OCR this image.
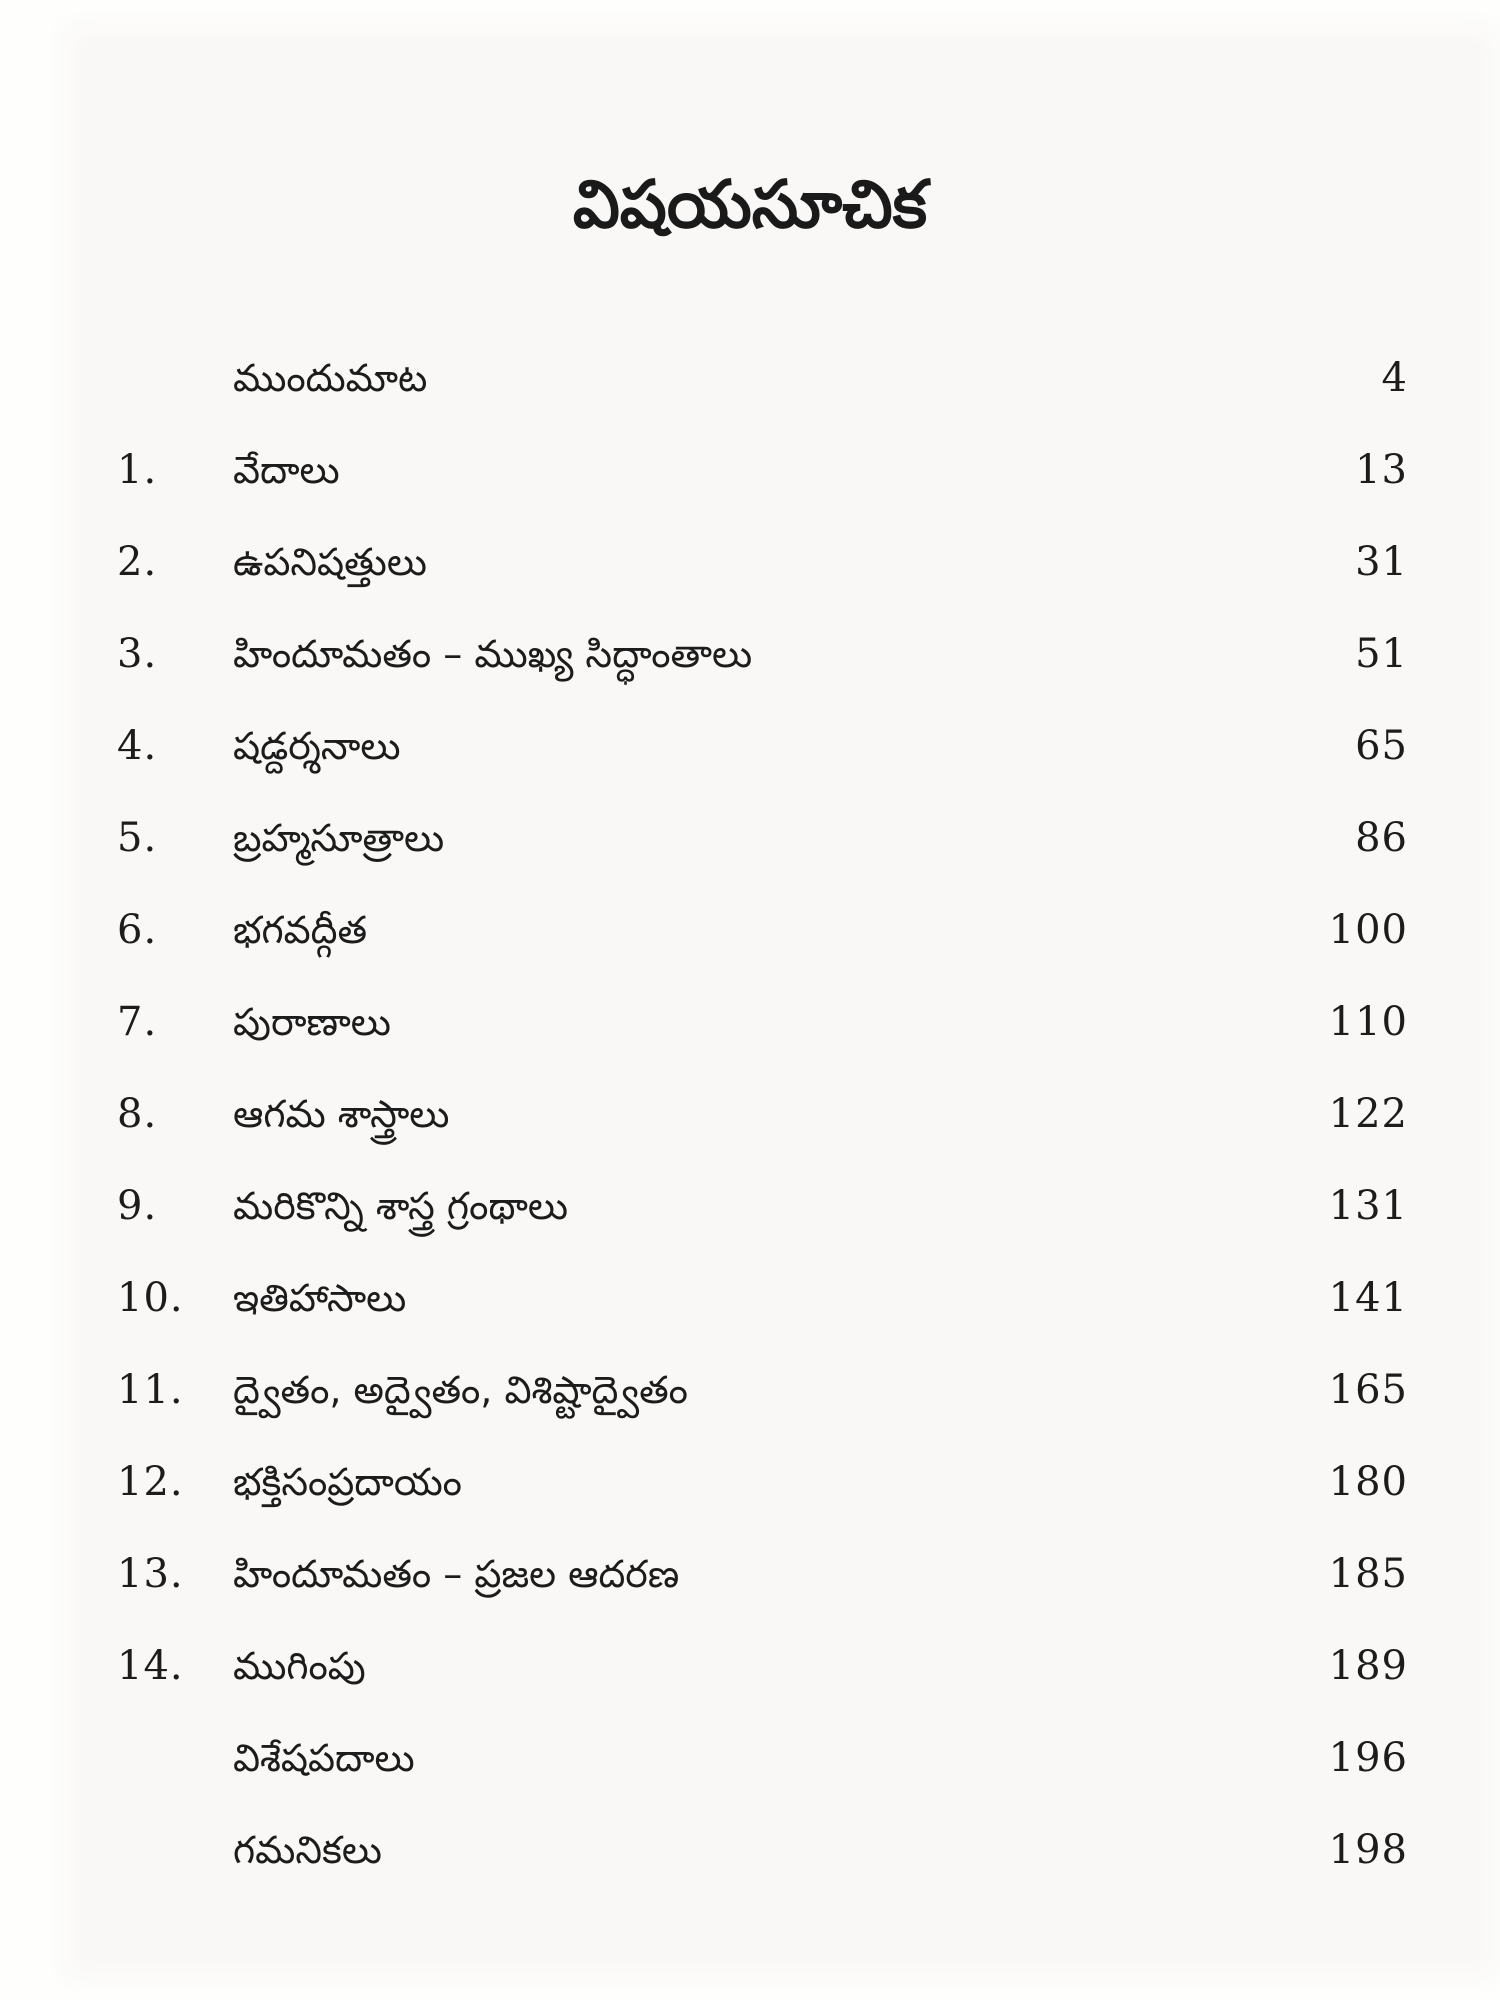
విషయసూచిక
ముందుమాట	4
1. వేదాలు	13
2. ఉపనిషత్తులు	31
3. హిందూమతం – ముఖ్య సిద్ధాంతాలు	51
4. షడ్దర్శనాలు	65
5. బ్రహ్మసూత్రాలు	86
6. భగవద్గీత	100
7. పురాణాలు	110
8. ఆగమ శాస్త్రాలు	122
9. మరికొన్ని శాస్త్ర గ్రంథాలు	131
10. ఇతిహాసాలు	141
11. ద్వైతం, అద్వైతం, విశిష్టాద్వైతం	165
12. భక్తిసంప్రదాయం	180
13. హిందూమతం – ప్రజల ఆదరణ	185
14. ముగింపు	189
విశేషపదాలు	196
గమనికలు	198
